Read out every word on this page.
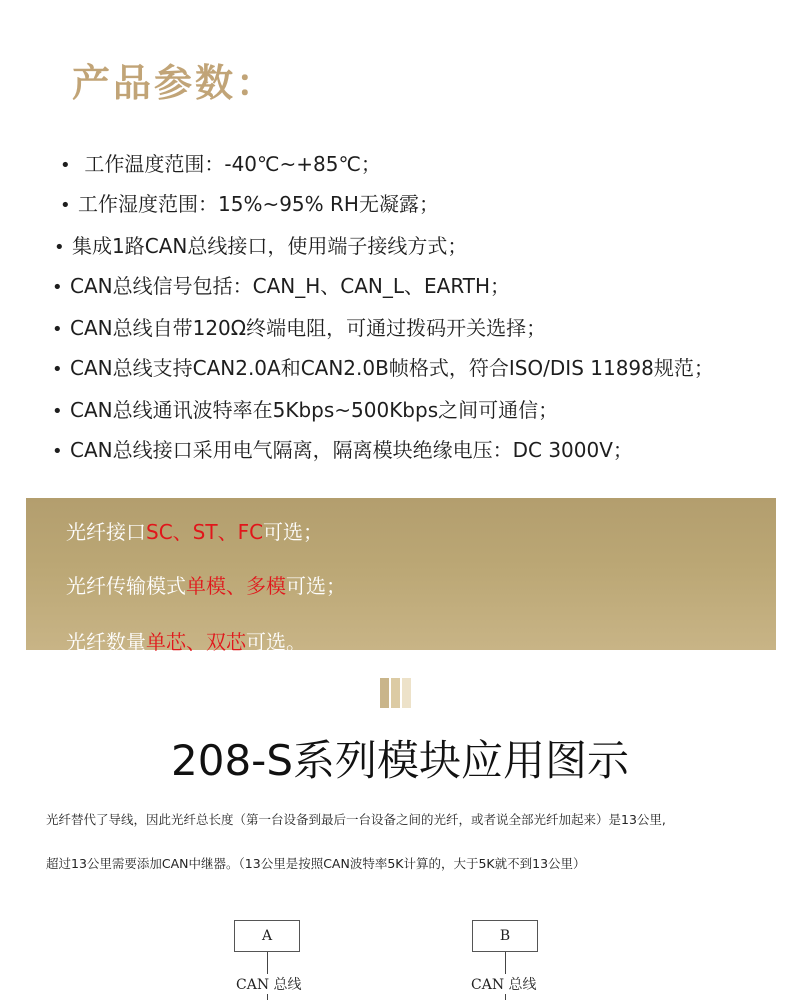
产品参数：
• 工作温度范围：-40℃~+85℃；
• 工作湿度范围：15%~95% RH无凝露；
• 集成1路CAN总线接口，使用端子接线方式；
• CAN总线信号包括：CAN_H、CAN_L、EARTH；
• CAN总线自带120Ω终端电阻，可通过拨码开关选择；
• CAN总线支持CAN2.0A和CAN2.0B帧格式，符合ISO/DIS 11898规范；
• CAN总线通讯波特率在5Kbps~500Kbps之间可通信；
• CAN总线接口采用电气隔离，隔离模块绝缘电压：DC 3000V；
光纤接口SC、ST、FC可选；
光纤传输模式单模、多模可选；
光纤数量单芯、双芯可选。
208-S系列模块应用图示
光纤替代了导线，因此光纤总长度（第一台设备到最后一台设备之间的光纤，或者说全部光纤加起来）是13公里,
超过13公里需要添加CAN中继器。（13公里是按照CAN波特率5K计算的，大于5K就不到13公里）
A
CAN 总线
B
CAN 总线
